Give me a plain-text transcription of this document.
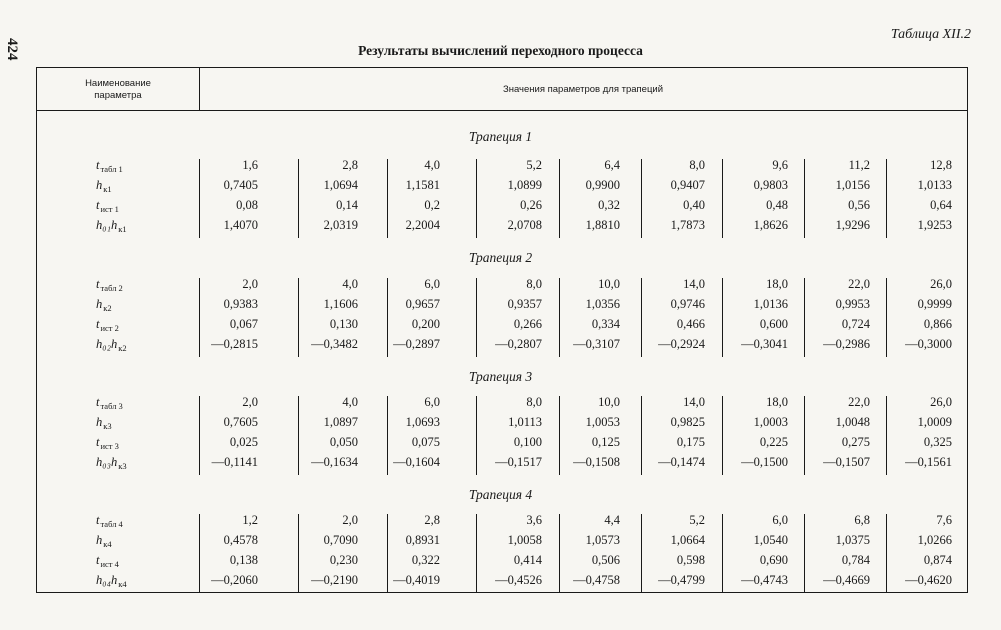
424
Таблица XII.2
Результаты вычислений переходного процесса
Наименование
параметра
Значения параметров для трапеций
Трапеция 1
$t_{табл 1}$	1,6	2,8	4,0	5,2	6,4	8,0	9,6	11,2	12,8
$h_{к1}$	0,7405	1,0694	1,1581	1,0899	0,9900	0,9407	0,9803	1,0156	1,0133
$t_{ист 1}$	0,08	0,14	0,2	0,26	0,32	0,40	0,48	0,56	0,64
$h_{01}h_{к1}$	1,4070	2,0319	2,2004	2,0708	1,8810	1,7873	1,8626	1,9296	1,9253
Трапеция 2
$t_{табл 2}$	2,0	4,0	6,0	8,0	10,0	14,0	18,0	22,0	26,0
$h_{к2}$	0,9383	1,1606	0,9657	0,9357	1,0356	0,9746	1,0136	0,9953	0,9999
$t_{ист 2}$	0,067	0,130	0,200	0,266	0,334	0,466	0,600	0,724	0,866
$h_{02}h_{к2}$	—0,2815	—0,3482	—0,2897	—0,2807	—0,3107	—0,2924	—0,3041	—0,2986	—0,3000
Трапеция 3
$t_{табл 3}$	2,0	4,0	6,0	8,0	10,0	14,0	18,0	22,0	26,0
$h_{к3}$	0,7605	1,0897	1,0693	1,0113	1,0053	0,9825	1,0003	1,0048	1,0009
$t_{ист 3}$	0,025	0,050	0,075	0,100	0,125	0,175	0,225	0,275	0,325
$h_{03}h_{к3}$	—0,1141	—0,1634	—0,1604	—0,1517	—0,1508	—0,1474	—0,1500	—0,1507	—0,1561
Трапеция 4
$t_{табл 4}$	1,2	2,0	2,8	3,6	4,4	5,2	6,0	6,8	7,6
$h_{к4}$	0,4578	0,7090	0,8931	1,0058	1,0573	1,0664	1,0540	1,0375	1,0266
$t_{ист 4}$	0,138	0,230	0,322	0,414	0,506	0,598	0,690	0,784	0,874
$h_{04}h_{к4}$	—0,2060	—0,2190	—0,4019	—0,4526	—0,4758	—0,4799	—0,4743	—0,4669	—0,4620
